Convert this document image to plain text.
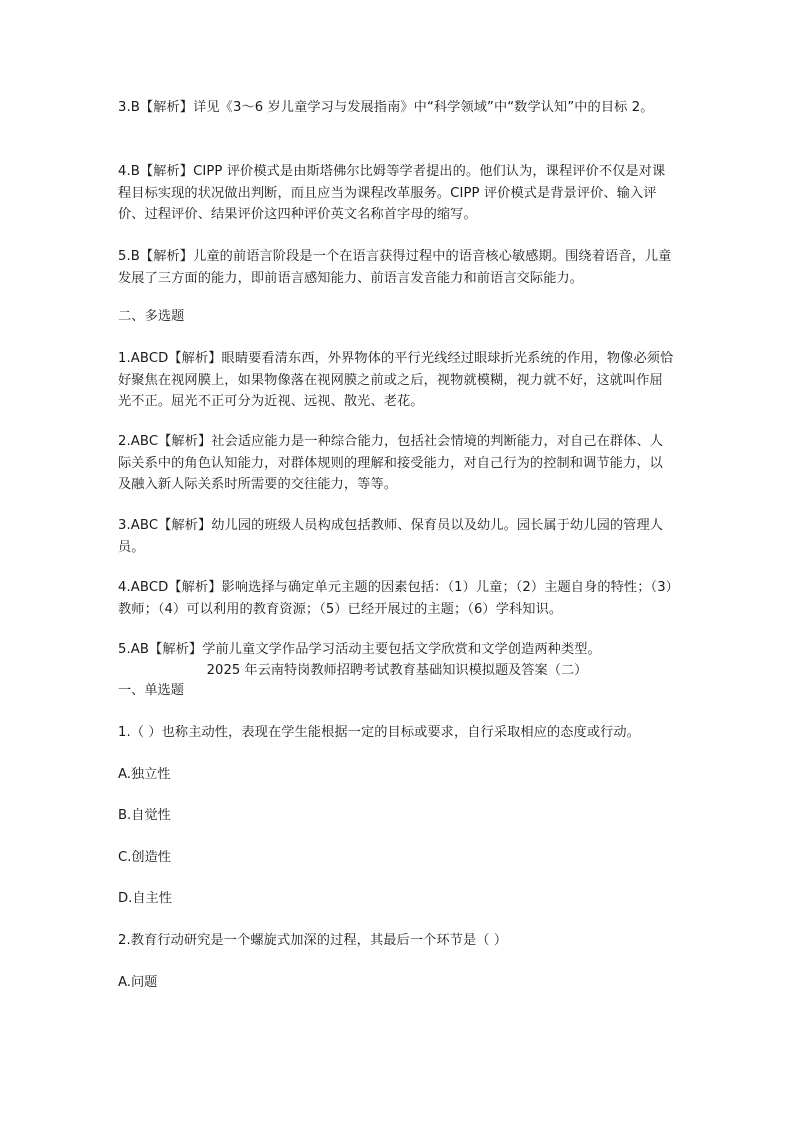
3.B【解析】详见《3～6 岁儿童学习与发展指南》中“科学领域”中“数学认知”中的目标 2。

4.B【解析】CIPP 评价模式是由斯塔佛尔比姆等学者提出的。他们认为，课程评价不仅是对课程目标实现的状况做出判断，而且应当为课程改革服务。CIPP 评价模式是背景评价、输入评价、过程评价、结果评价这四种评价英文名称首字母的缩写。

5.B【解析】儿童的前语言阶段是一个在语言获得过程中的语音核心敏感期。围绕着语音，儿童发展了三方面的能力，即前语言感知能力、前语言发音能力和前语言交际能力。

二、多选题

1.ABCD【解析】眼睛要看清东西，外界物体的平行光线经过眼球折光系统的作用，物像必须恰好聚焦在视网膜上，如果物像落在视网膜之前或之后，视物就模糊，视力就不好，这就叫作屈光不正。屈光不正可分为近视、远视、散光、老花。

2.ABC【解析】社会适应能力是一种综合能力，包括社会情境的判断能力，对自己在群体、人际关系中的角色认知能力，对群体规则的理解和接受能力，对自己行为的控制和调节能力，以及融入新人际关系时所需要的交往能力，等等。

3.ABC【解析】幼儿园的班级人员构成包括教师、保育员以及幼儿。园长属于幼儿园的管理人员。

4.ABCD【解析】影响选择与确定单元主题的因素包括：（1）儿童；（2）主题自身的特性；（3）教师；（4）可以利用的教育资源；（5）已经开展过的主题；（6）学科知识。

5.AB【解析】学前儿童文学作品学习活动主要包括文学欣赏和文学创造两种类型。

2025 年云南特岗教师招聘考试教育基础知识模拟题及答案（二）

一、单选题

1.（ ）也称主动性，表现在学生能根据一定的目标或要求，自行采取相应的态度或行动。

A.独立性

B.自觉性

C.创造性

D.自主性

2.教育行动研究是一个螺旋式加深的过程，其最后一个环节是（ ）

A.问题
